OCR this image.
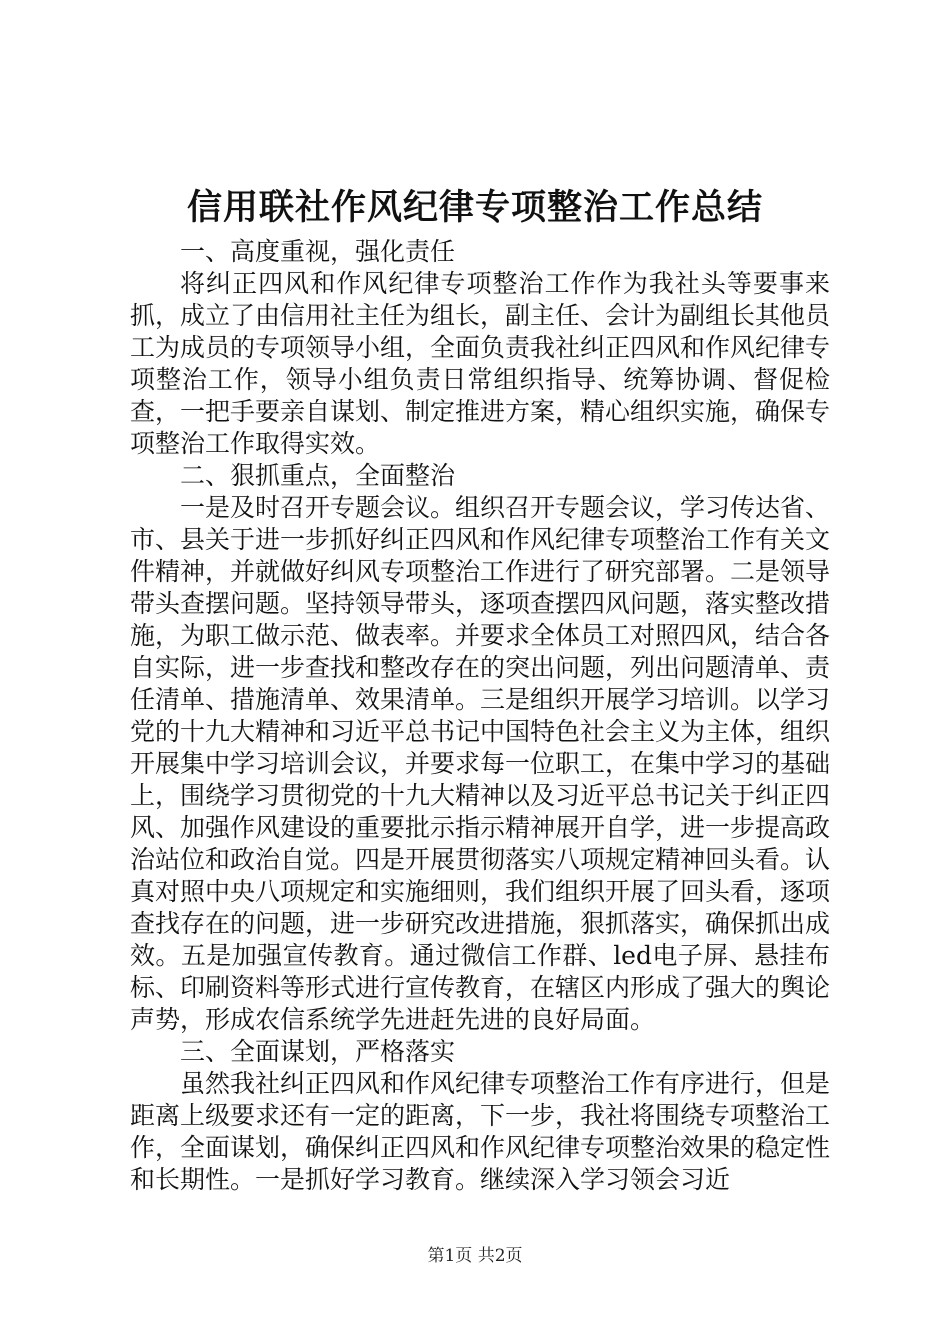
信用联社作风纪律专项整治工作总结

一、高度重视，强化责任

将纠正四风和作风纪律专项整治工作作为我社头等要事来抓，成立了由信用社主任为组长，副主任、会计为副组长其他员工为成员的专项领导小组，全面负责我社纠正四风和作风纪律专项整治工作，领导小组负责日常组织指导、统筹协调、督促检查，一把手要亲自谋划、制定推进方案，精心组织实施，确保专项整治工作取得实效。

二、狠抓重点，全面整治

一是及时召开专题会议。组织召开专题会议，学习传达省、市、县关于进一步抓好纠正四风和作风纪律专项整治工作有关文件精神，并就做好纠风专项整治工作进行了研究部署。二是领导带头查摆问题。坚持领导带头，逐项查摆四风问题，落实整改措施，为职工做示范、做表率。并要求全体员工对照四风，结合各自实际，进一步查找和整改存在的突出问题，列出问题清单、责任清单、措施清单、效果清单。三是组织开展学习培训。以学习党的十九大精神和习近平总书记中国特色社会主义为主体，组织开展集中学习培训会议，并要求每一位职工，在集中学习的基础上，围绕学习贯彻党的十九大精神以及习近平总书记关于纠正四风、加强作风建设的重要批示指示精神展开自学，进一步提高政治站位和政治自觉。四是开展贯彻落实八项规定精神回头看。认真对照中央八项规定和实施细则，我们组织开展了回头看，逐项查找存在的问题，进一步研究改进措施，狠抓落实，确保抓出成效。五是加强宣传教育。通过微信工作群、led电子屏、悬挂布标、印刷资料等形式进行宣传教育，在辖区内形成了强大的舆论声势，形成农信系统学先进赶先进的良好局面。

三、全面谋划，严格落实

虽然我社纠正四风和作风纪律专项整治工作有序进行，但是距离上级要求还有一定的距离，下一步，我社将围绕专项整治工作，全面谋划，确保纠正四风和作风纪律专项整治效果的稳定性和长期性。一是抓好学习教育。继续深入学习领会习近

第1页 共2页
